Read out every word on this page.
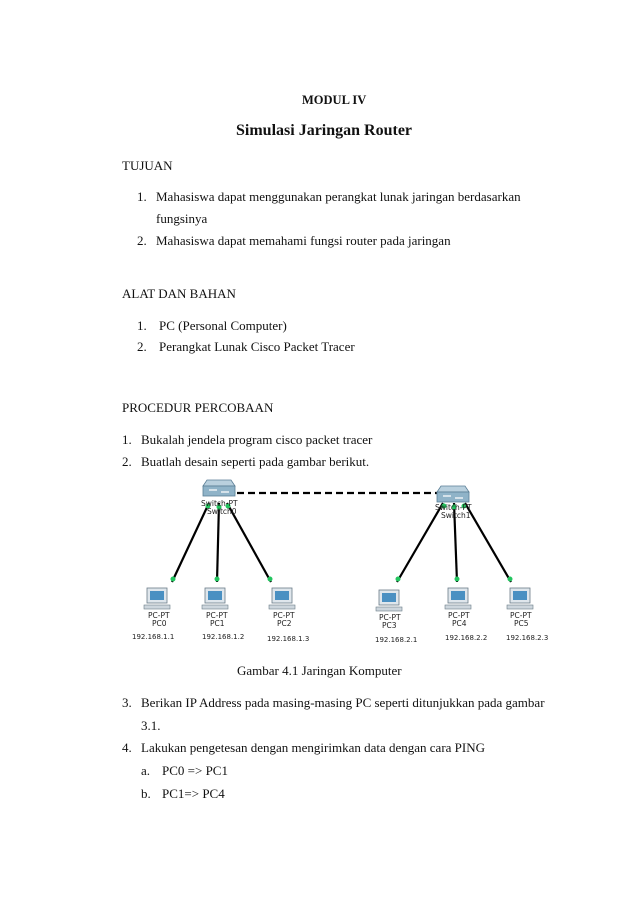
MODUL IV
Simulasi Jaringan Router
TUJUAN
1. Mahasiswa dapat menggunakan perangkat lunak jaringan berdasarkan
fungsinya
2. Mahasiswa dapat memahami fungsi router pada jaringan
ALAT DAN BAHAN
1. PC (Personal Computer)
2. Perangkat Lunak Cisco Packet Tracer
PROCEDUR PERCOBAAN
1. Bukalah jendela program cisco packet tracer
2. Buatlah desain seperti pada gambar berikut.
Switch-PT
Switch0	Switch-PT
Switch1
PC-PT
PC0
192.168.1.1
PC-PT
PC1
192.168.1.2
PC-PT
PC2
192.168.1.3
PC-PT
PC3
192.168.2.1
PC-PT
PC4
192.168.2.2
PC-PT
PC5
192.168.2.3
Gambar 4.1 Jaringan Komputer
3. Berikan IP Address pada masing-masing PC seperti ditunjukkan pada gambar
3.1.
4. Lakukan pengetesan dengan mengirimkan data dengan cara PING
a. PC0 => PC1
b. PC1=> PC4
